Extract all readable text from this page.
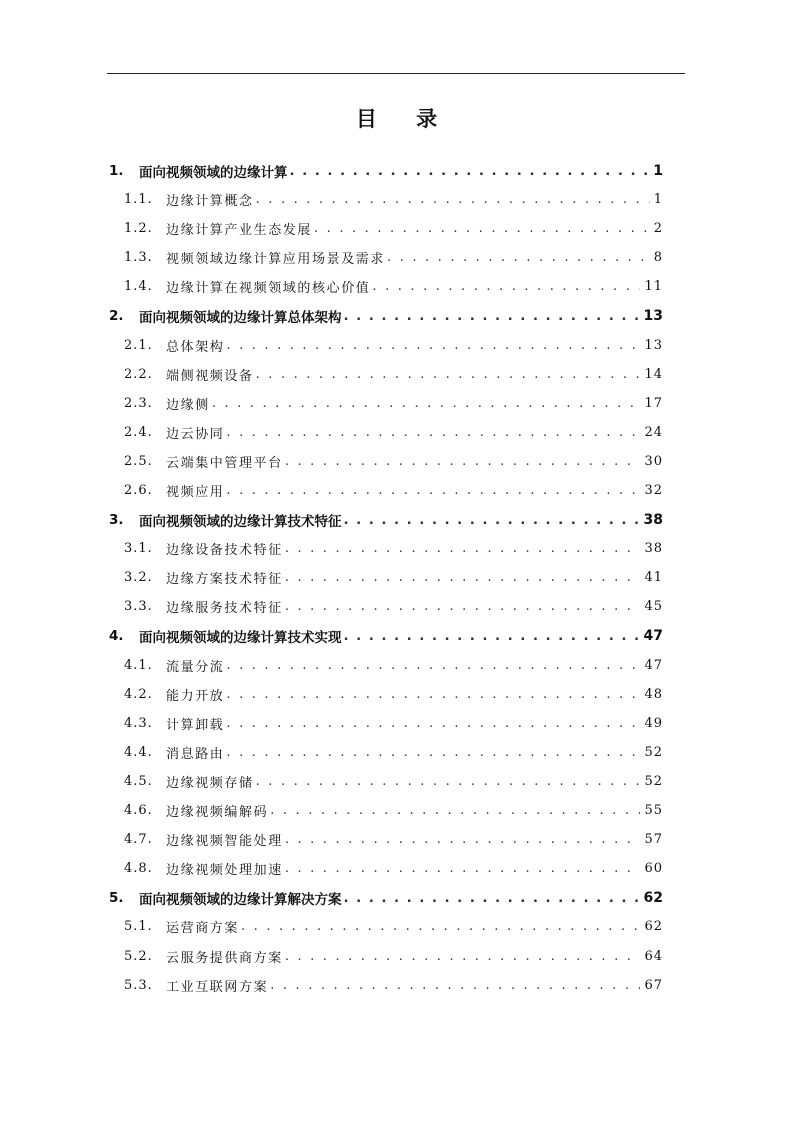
目 录
1.	面向视频领域的边缘计算 . . .	1
1.1.	边缘计算概念 . . .	1
1.2.	边缘计算产业生态发展 . . .	2
1.3.	视频领域边缘计算应用场景及需求 . . .	8
1.4.	边缘计算在视频领域的核心价值 . . .	11
2.	面向视频领域的边缘计算总体架构 . . .	13
2.1.	总体架构 . . .	13
2.2.	端侧视频设备 . . .	14
2.3.	边缘侧 . . .	17
2.4.	边云协同 . . .	24
2.5.	云端集中管理平台 . . .	30
2.6.	视频应用 . . .	32
3.	面向视频领域的边缘计算技术特征 . . .	38
3.1.	边缘设备技术特征 . . .	38
3.2.	边缘方案技术特征 . . .	41
3.3.	边缘服务技术特征 . . .	45
4.	面向视频领域的边缘计算技术实现 . . .	47
4.1.	流量分流 . . .	47
4.2.	能力开放 . . .	48
4.3.	计算卸载 . . .	49
4.4.	消息路由 . . .	52
4.5.	边缘视频存储 . . .	52
4.6.	边缘视频编解码 . . .	55
4.7.	边缘视频智能处理 . . .	57
4.8.	边缘视频处理加速 . . .	60
5.	面向视频领域的边缘计算解决方案 . . .	62
5.1.	运营商方案 . . .	62
5.2.	云服务提供商方案 . . .	64
5.3.	工业互联网方案 . . .	67
